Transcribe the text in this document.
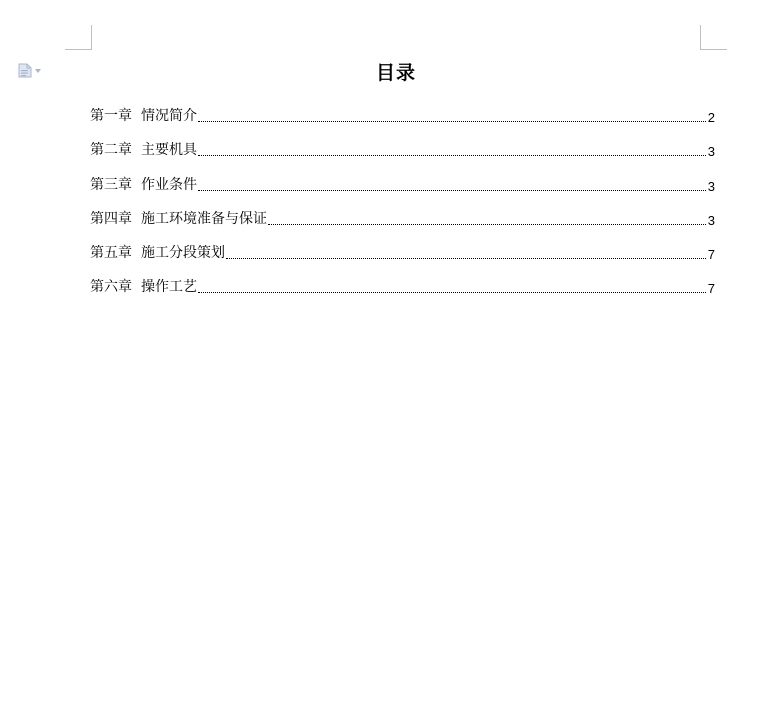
目录
第一章 情况简介	2
第二章 主要机具	3
第三章 作业条件	3
第四章 施工环境准备与保证	3
第五章 施工分段策划	7
第六章 操作工艺	7
